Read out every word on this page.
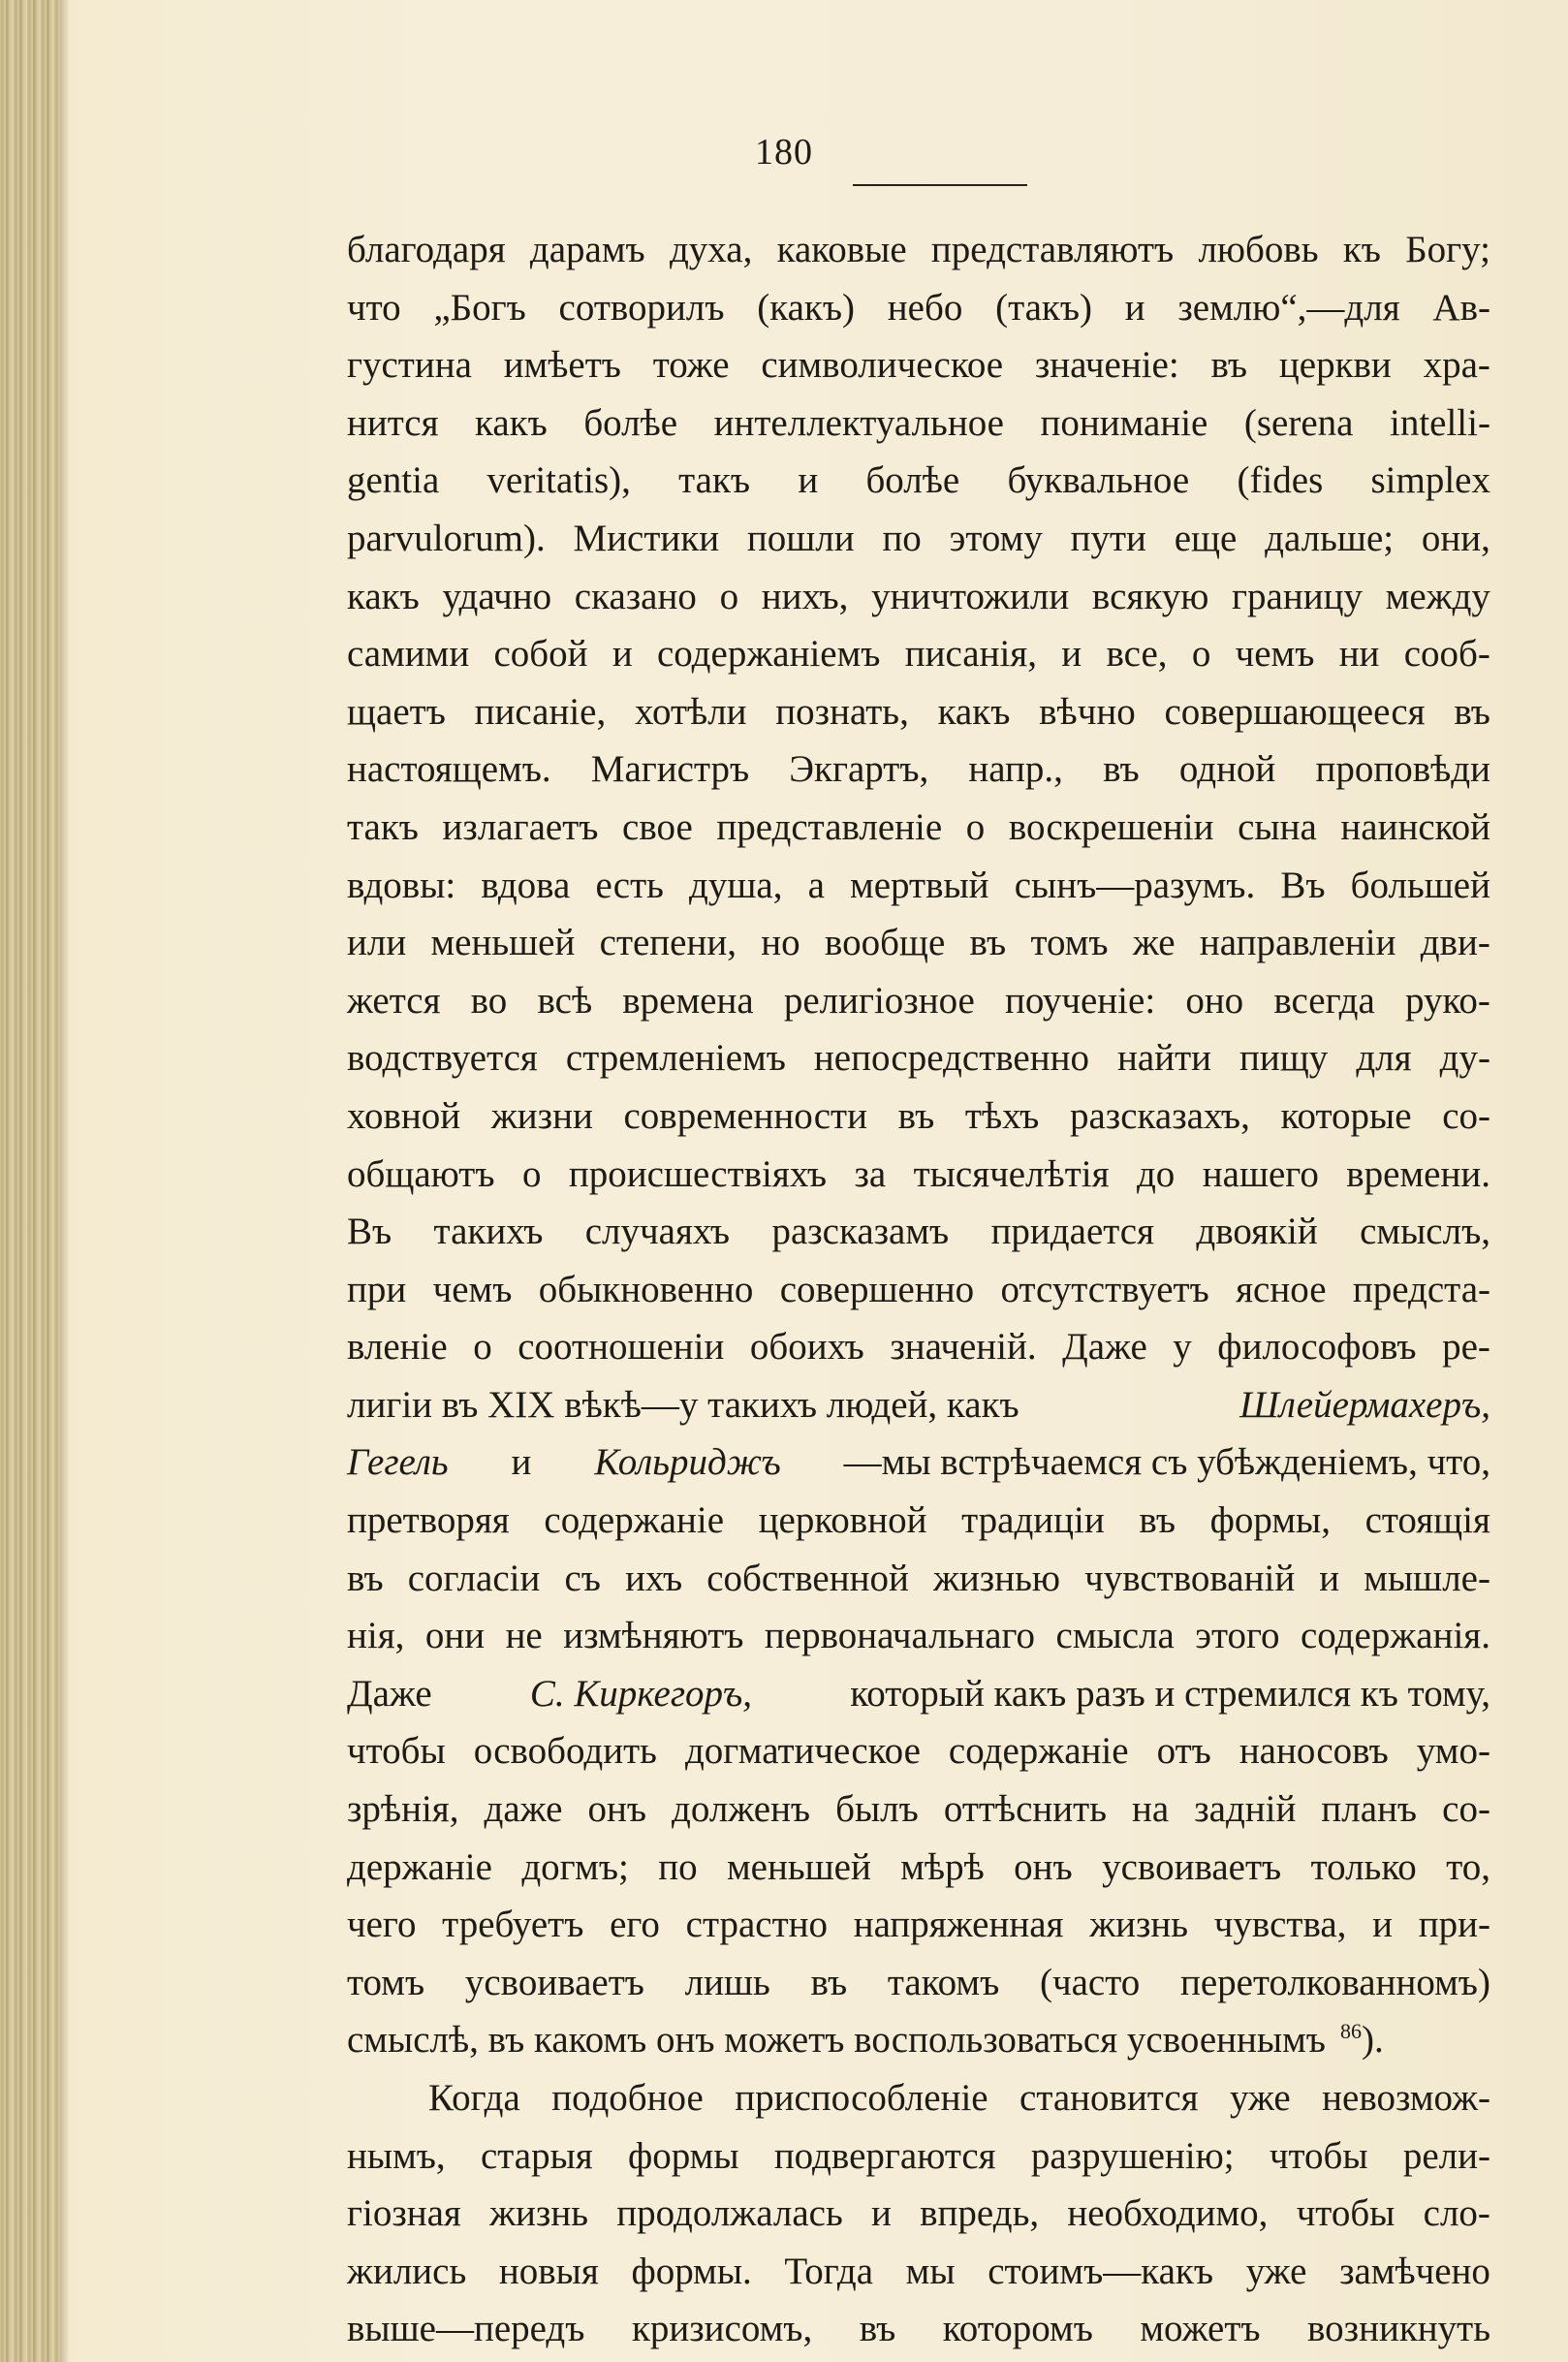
180
благодаря дарамъ духа, каковые представляютъ любовь къ Богу;
что „Богъ сотворилъ (какъ) небо (такъ) и землю“,—для Ав-
густина имѣетъ тоже символическое значеніе: въ церкви хра-
нится какъ болѣе интеллектуальное пониманіе (serena intelli-
gentia veritatis), такъ и болѣе буквальное (fides simplex
parvulorum). Мистики пошли по этому пути еще дальше; они,
какъ удачно сказано о нихъ, уничтожили всякую границу между
самими собой и содержаніемъ писанія, и все, о чемъ ни сооб-
щаетъ писаніе, хотѣли познать, какъ вѣчно совершающееся въ
настоящемъ. Магистръ Экгартъ, напр., въ одной проповѣди
такъ излагаетъ свое представленіе о воскрешеніи сына наинской
вдовы: вдова есть душа, а мертвый сынъ—разумъ. Въ большей
или меньшей степени, но вообще въ томъ же направленіи дви-
жется во всѣ времена религіозное поученіе: оно всегда руко-
водствуется стремленіемъ непосредственно найти пищу для ду-
ховной жизни современности въ тѣхъ разсказахъ, которые со-
общаютъ о происшествіяхъ за тысячелѣтія до нашего времени.
Въ такихъ случаяхъ разсказамъ придается двоякій смыслъ,
при чемъ обыкновенно совершенно отсутствуетъ ясное предста-
вленіе о соотношеніи обоихъ значеній. Даже у философовъ ре-
лигіи въ XIX вѣкѣ—у такихъ людей, какъ	Шлейермахеръ,
Гегель и Кольриджъ —мы встрѣчаемся съ убѣжденіемъ, что,
претворяя содержаніе церковной традиціи въ формы, стоящія
въ согласіи съ ихъ собственной жизнью чувствованій и мышле-
нія, они не измѣняютъ первоначальнаго смысла этого содержанія.
Даже	С. Киркегоръ,	который какъ разъ и стремился къ тому,
чтобы освободить догматическое содержаніе отъ наносовъ умо-
зрѣнія, даже онъ долженъ былъ оттѣснить на задній планъ со-
держаніе догмъ; по меньшей мѣрѣ онъ усвоиваетъ только то,
чего требуетъ его страстно напряженная жизнь чувства, и при-
томъ усвоиваетъ лишь въ такомъ (часто перетолкованномъ)
смыслѣ, въ какомъ онъ можетъ воспользоваться усвоеннымъ $^{86}$).
Когда подобное приспособленіе становится уже невозмож-
нымъ, старыя формы подвергаются разрушенію; чтобы рели-
гіозная жизнь продолжалась и впредь, необходимо, чтобы сло-
жились новыя формы. Тогда мы стоимъ—какъ уже замѣчено
выше—передъ кризисомъ, въ которомъ можетъ возникнуть
